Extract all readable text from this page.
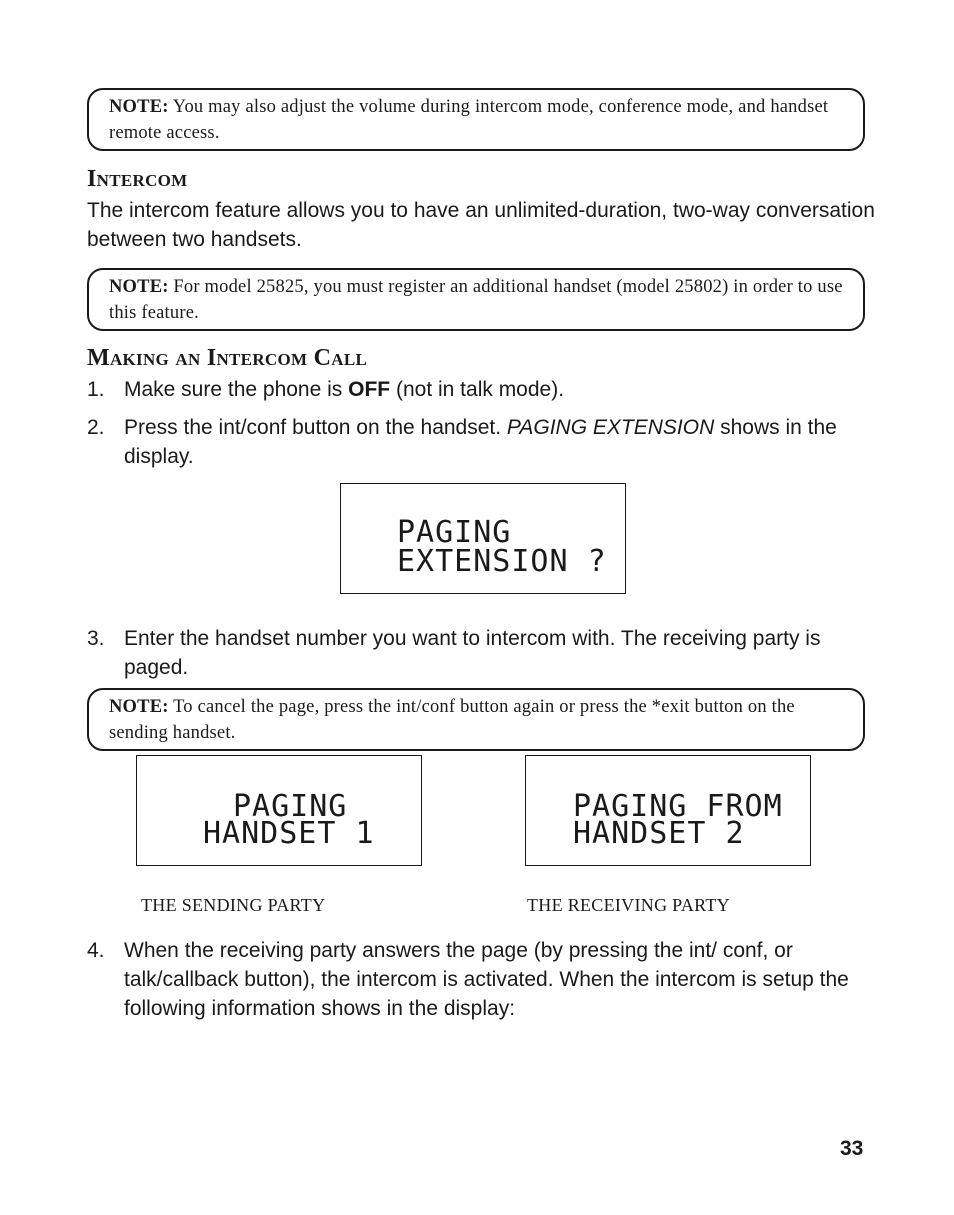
NOTE: You may also adjust the volume during intercom mode, conference mode, and handset remote access.
Intercom
The intercom feature allows you to have an unlimited-duration, two-way conversation between two handsets.
NOTE: For model 25825, you must register an additional handset (model 25802) in order to use this feature.
Making an Intercom Call
1. Make sure the phone is OFF (not in talk mode).
2. Press the int/conf button on the handset. PAGING EXTENSION shows in the display.
PAGING
EXTENSION ?
3. Enter the handset number you want to intercom with. The receiving party is paged.
NOTE: To cancel the page, press the int/conf button again or press the *exit button on the sending handset.
PAGING
HANDSET 1
PAGING FROM
HANDSET 2
THE SENDING PARTY	THE RECEIVING PARTY
4. When the receiving party answers the page (by pressing the int/ conf, or talk/callback button), the intercom is activated. When the intercom is setup the following information shows in the display:
33
